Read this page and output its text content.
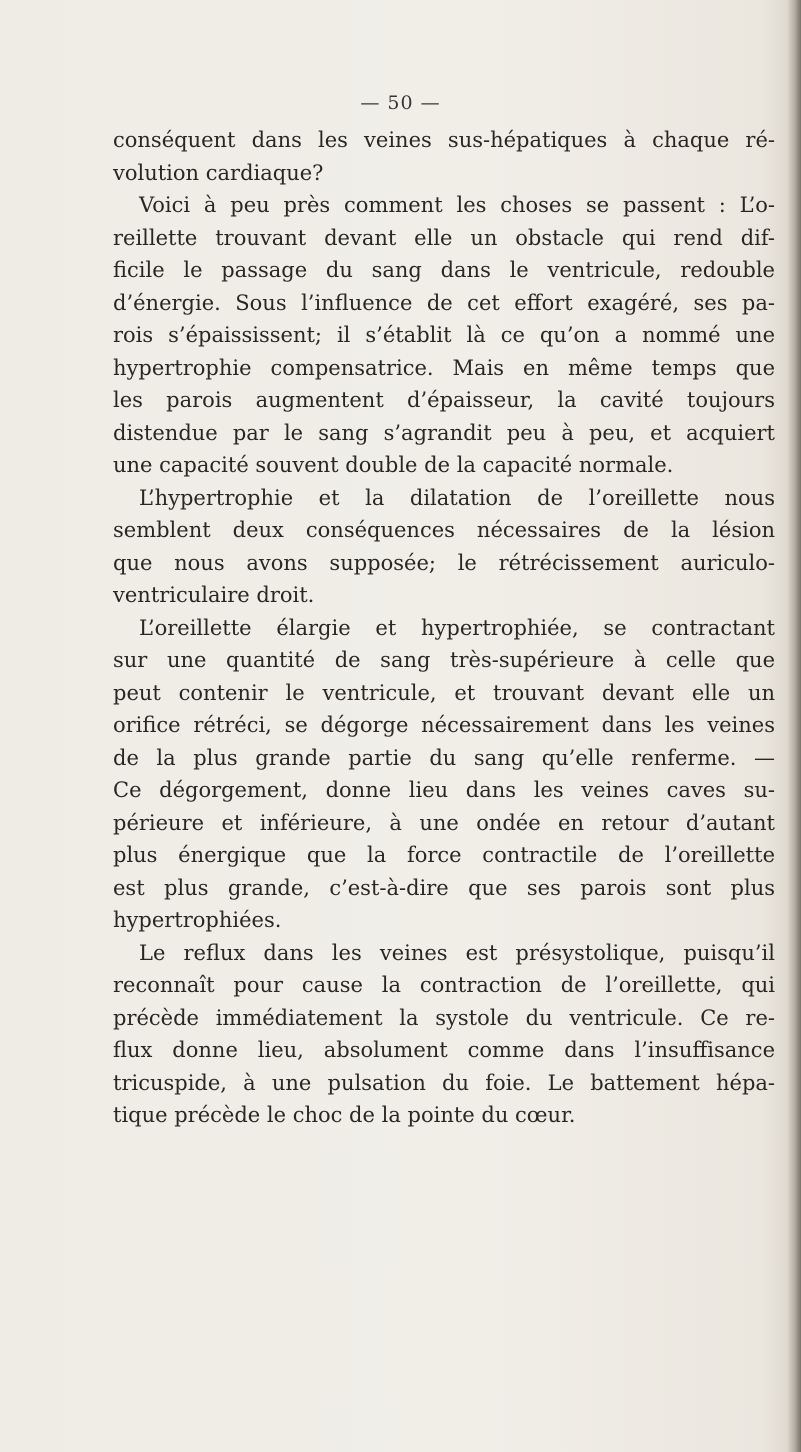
— 50 —
conséquent dans les veines sus-hépatiques à chaque ré-
volution cardiaque?
Voici à peu près comment les choses se passent : L’o-
reillette trouvant devant elle un obstacle qui rend dif-
ficile le passage du sang dans le ventricule, redouble
d’énergie. Sous l’influence de cet effort exagéré, ses pa-
rois s’épaississent; il s’établit là ce qu’on a nommé une
hypertrophie compensatrice. Mais en même temps que
les parois augmentent d’épaisseur, la cavité toujours
distendue par le sang s’agrandit peu à peu, et acquiert
une capacité souvent double de la capacité normale.
L’hypertrophie et la dilatation de l’oreillette nous
semblent deux conséquences nécessaires de la lésion
que nous avons supposée; le rétrécissement auriculo-
ventriculaire droit.
L’oreillette élargie et hypertrophiée, se contractant
sur une quantité de sang très-supérieure à celle que
peut contenir le ventricule, et trouvant devant elle un
orifice rétréci, se dégorge nécessairement dans les veines
de la plus grande partie du sang qu’elle renferme. —
Ce dégorgement, donne lieu dans les veines caves su-
périeure et inférieure, à une ondée en retour d’autant
plus énergique que la force contractile de l’oreillette
est plus grande, c’est-à-dire que ses parois sont plus
hypertrophiées.
Le reflux dans les veines est présystolique, puisqu’il
reconnaît pour cause la contraction de l’oreillette, qui
précède immédiatement la systole du ventricule. Ce re-
flux donne lieu, absolument comme dans l’insuffisance
tricuspide, à une pulsation du foie. Le battement hépa-
tique précède le choc de la pointe du cœur.
